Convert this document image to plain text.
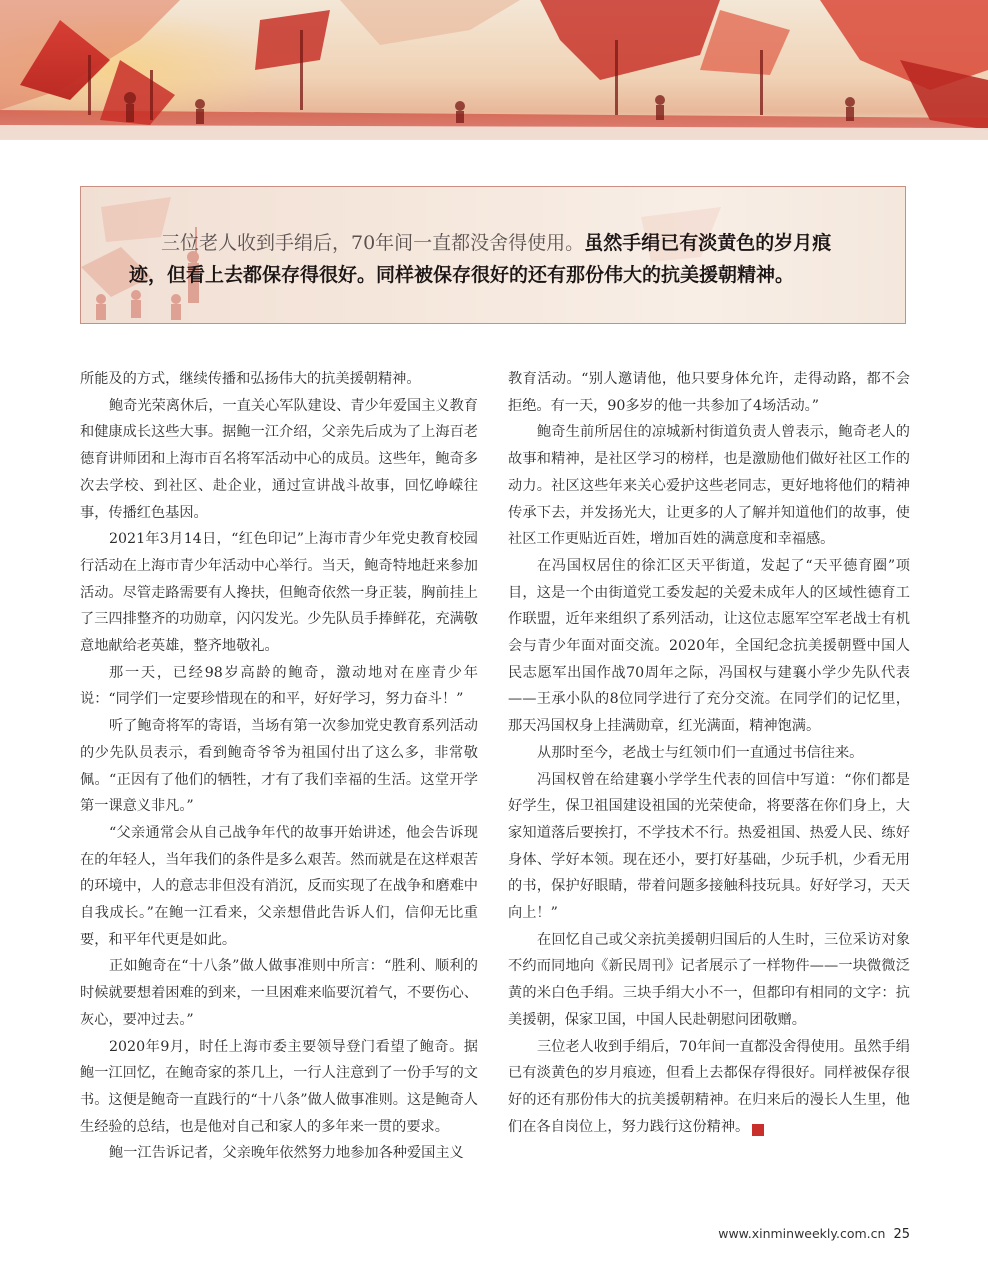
三位老人收到手绢后，70年间一直都没舍得使用。虽然手绢已有淡黄色的岁月痕迹，但看上去都保存得很好。同样被保存很好的还有那份伟大的抗美援朝精神。

所能及的方式，继续传播和弘扬伟大的抗美援朝精神。

鲍奇光荣离休后，一直关心军队建设、青少年爱国主义教育和健康成长这些大事。据鲍一江介绍，父亲先后成为了上海百老德育讲师团和上海市百名将军活动中心的成员。这些年，鲍奇多次去学校、到社区、赴企业，通过宣讲战斗故事，回忆峥嵘往事，传播红色基因。

2021年3月14日，“红色印记”上海市青少年党史教育校园行活动在上海市青少年活动中心举行。当天，鲍奇特地赶来参加活动。尽管走路需要有人搀扶，但鲍奇依然一身正装，胸前挂上了三四排整齐的功勋章，闪闪发光。少先队员手捧鲜花，充满敬意地献给老英雄，整齐地敬礼。

那一天，已经98岁高龄的鲍奇，激动地对在座青少年说：“同学们一定要珍惜现在的和平，好好学习，努力奋斗！”

听了鲍奇将军的寄语，当场有第一次参加党史教育系列活动的少先队员表示，看到鲍奇爷爷为祖国付出了这么多，非常敬佩。“正因有了他们的牺牲，才有了我们幸福的生活。这堂开学第一课意义非凡。”

“父亲通常会从自己战争年代的故事开始讲述，他会告诉现在的年轻人，当年我们的条件是多么艰苦。然而就是在这样艰苦的环境中，人的意志非但没有消沉，反而实现了在战争和磨难中自我成长。”在鲍一江看来，父亲想借此告诉人们，信仰无比重要，和平年代更是如此。

正如鲍奇在“十八条”做人做事准则中所言：“胜利、顺利的时候就要想着困难的到来，一旦困难来临要沉着气，不要伤心、灰心，要冲过去。”

2020年9月，时任上海市委主要领导登门看望了鲍奇。据鲍一江回忆，在鲍奇家的茶几上，一行人注意到了一份手写的文书。这便是鲍奇一直践行的“十八条”做人做事准则。这是鲍奇人生经验的总结，也是他对自己和家人的多年来一贯的要求。

鲍一江告诉记者，父亲晚年依然努力地参加各种爱国主义

教育活动。“别人邀请他，他只要身体允许，走得动路，都不会拒绝。有一天，90多岁的他一共参加了4场活动。”

鲍奇生前所居住的凉城新村街道负责人曾表示，鲍奇老人的故事和精神，是社区学习的榜样，也是激励他们做好社区工作的动力。社区这些年来关心爱护这些老同志，更好地将他们的精神传承下去，并发扬光大，让更多的人了解并知道他们的故事，使社区工作更贴近百姓，增加百姓的满意度和幸福感。

在冯国权居住的徐汇区天平街道，发起了“天平德育圈”项目，这是一个由街道党工委发起的关爱未成年人的区域性德育工作联盟，近年来组织了系列活动，让这位志愿军空军老战士有机会与青少年面对面交流。2020年，全国纪念抗美援朝暨中国人民志愿军出国作战70周年之际，冯国权与建襄小学少先队代表——王承小队的8位同学进行了充分交流。在同学们的记忆里，那天冯国权身上挂满勋章，红光满面，精神饱满。

从那时至今，老战士与红领巾们一直通过书信往来。

冯国权曾在给建襄小学学生代表的回信中写道：“你们都是好学生，保卫祖国建设祖国的光荣使命，将要落在你们身上，大家知道落后要挨打，不学技术不行。热爱祖国、热爱人民、练好身体、学好本领。现在还小，要打好基础，少玩手机，少看无用的书，保护好眼睛，带着问题多接触科技玩具。好好学习，天天向上！”

在回忆自己或父亲抗美援朝归国后的人生时，三位采访对象不约而同地向《新民周刊》记者展示了一样物件——一块微微泛黄的米白色手绢。三块手绢大小不一，但都印有相同的文字：抗美援朝，保家卫国，中国人民赴朝慰问团敬赠。

三位老人收到手绢后，70年间一直都没舍得使用。虽然手绢已有淡黄色的岁月痕迹，但看上去都保存得很好。同样被保存很好的还有那份伟大的抗美援朝精神。在归来后的漫长人生里，他们在各自岗位上，努力践行这份精神。	民

www.xinminweekly.com.cn 25
